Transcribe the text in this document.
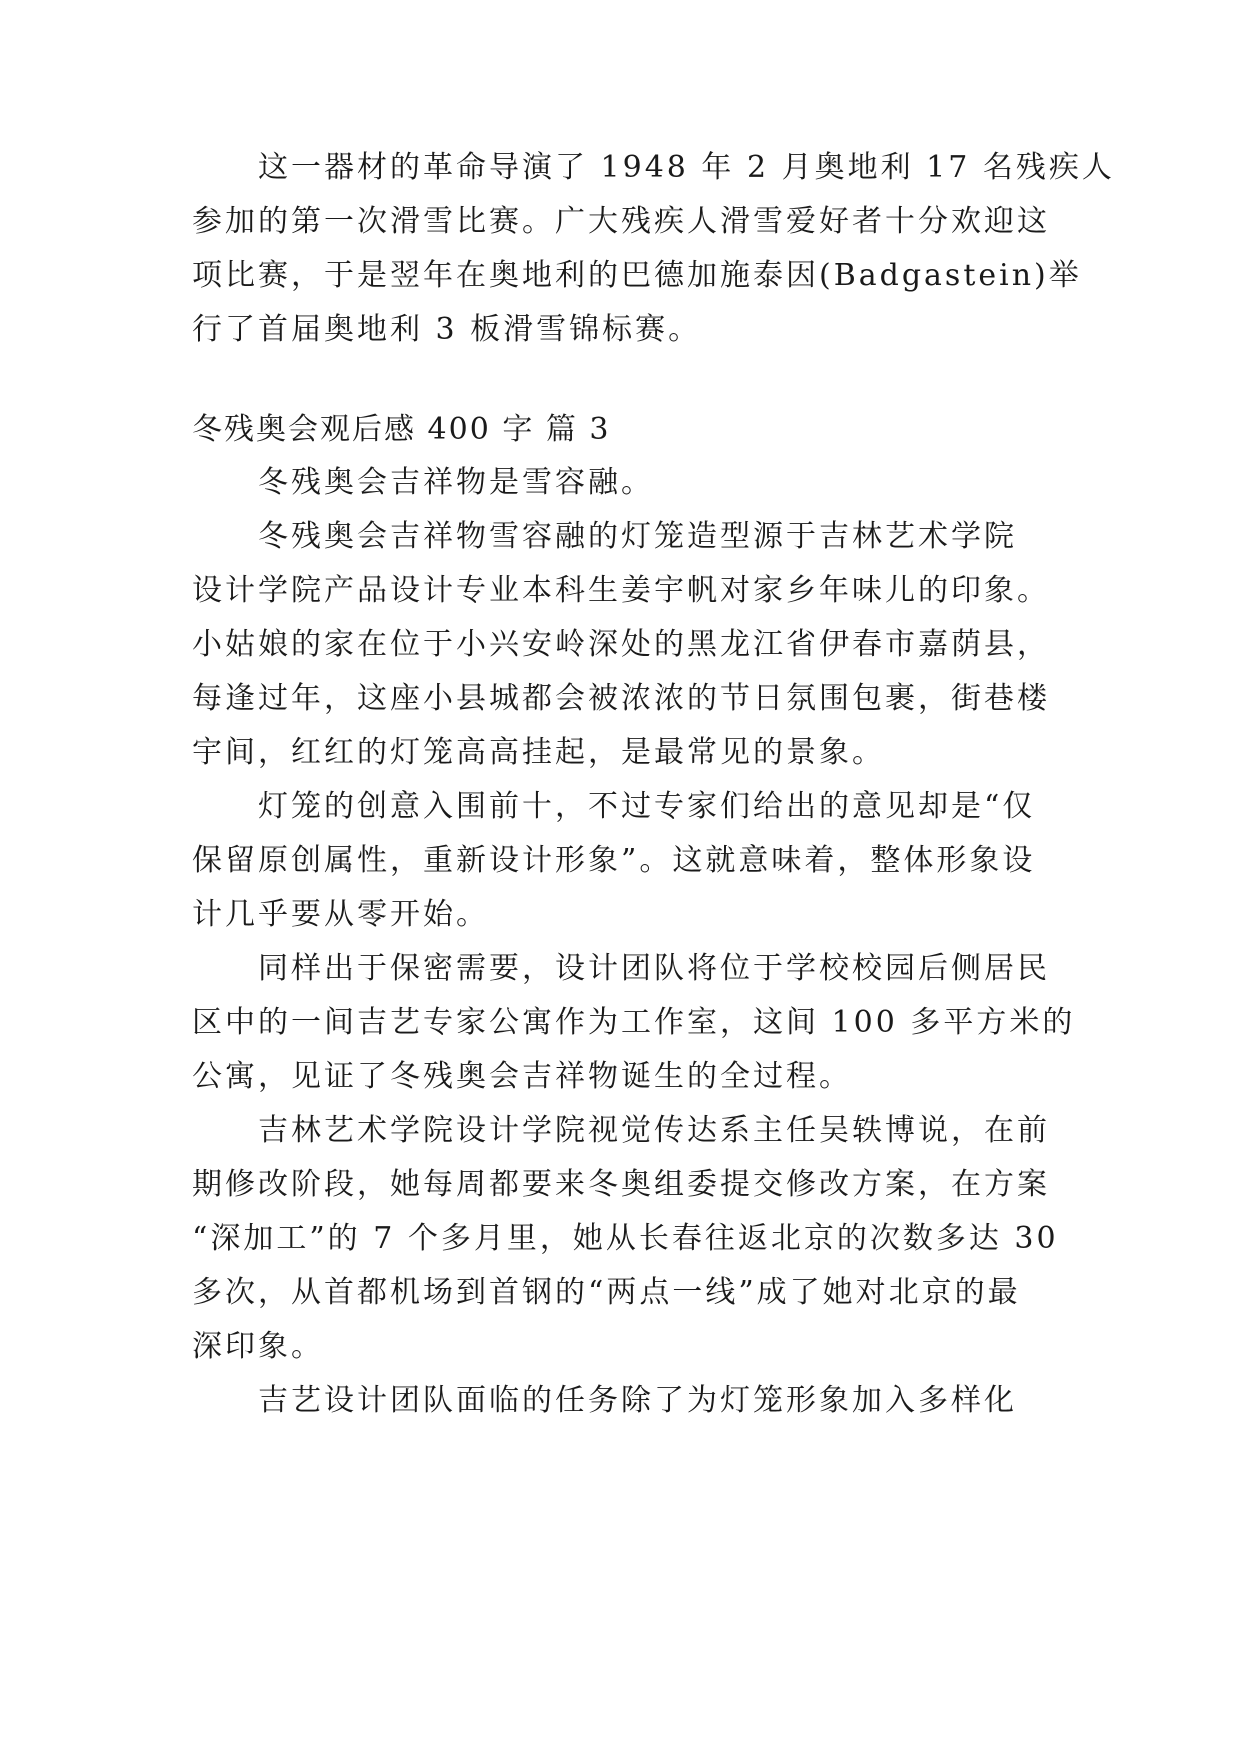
　　这一器材的革命导演了 1948 年 2 月奥地利 17 名残疾人
参加的第一次滑雪比赛。广大残疾人滑雪爱好者十分欢迎这
项比赛，于是翌年在奥地利的巴德加施泰因(Badgastein)举
行了首届奥地利 3 板滑雪锦标赛。
冬残奥会观后感 400 字 篇 3
　　冬残奥会吉祥物是雪容融。
　　冬残奥会吉祥物雪容融的灯笼造型源于吉林艺术学院
设计学院产品设计专业本科生姜宇帆对家乡年味儿的印象。
小姑娘的家在位于小兴安岭深处的黑龙江省伊春市嘉荫县，
每逢过年，这座小县城都会被浓浓的节日氛围包裹，街巷楼
宇间，红红的灯笼高高挂起，是最常见的景象。
　　灯笼的创意入围前十，不过专家们给出的意见却是“仅
保留原创属性，重新设计形象”。这就意味着，整体形象设
计几乎要从零开始。
　　同样出于保密需要，设计团队将位于学校校园后侧居民
区中的一间吉艺专家公寓作为工作室，这间 100 多平方米的
公寓，见证了冬残奥会吉祥物诞生的全过程。
　　吉林艺术学院设计学院视觉传达系主任吴轶博说，在前
期修改阶段，她每周都要来冬奥组委提交修改方案，在方案
“深加工”的 7 个多月里，她从长春往返北京的次数多达 30
多次，从首都机场到首钢的“两点一线”成了她对北京的最
深印象。
　　吉艺设计团队面临的任务除了为灯笼形象加入多样化
